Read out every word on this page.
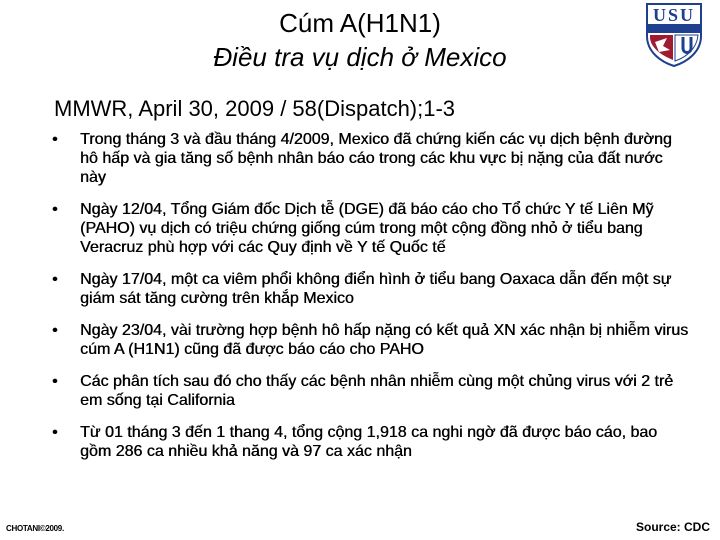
Cúm A(H1N1)
Điều tra vụ dịch ở Mexico
USU
MMWR, April 30, 2009 / 58(Dispatch);1-3
• Trong tháng 3 và đầu tháng 4/2009, Mexico đã chứng kiến các vụ dịch bệnh đường hô hấp và gia tăng số bệnh nhân báo cáo trong các khu vực bị nặng của đất nước này
• Ngày 12/04, Tổng Giám đốc Dịch tễ (DGE) đã báo cáo cho Tổ chức Y tế Liên Mỹ (PAHO) vụ dịch có triệu chứng giống cúm trong một cộng đồng nhỏ ở tiểu bang Veracruz phù hợp với các Quy định về Y tế Quốc tế
• Ngày 17/04, một ca viêm phổi không điển hình ở tiểu bang Oaxaca dẫn đến một sự giám sát tăng cường trên khắp Mexico
• Ngày 23/04, vài trường hợp bệnh hô hấp nặng có kết quả XN xác nhận bị nhiễm virus cúm A (H1N1) cũng đã được báo cáo cho PAHO
• Các phân tích sau đó cho thấy các bệnh nhân nhiễm cùng một chủng virus với 2 trẻ em sống tại California
• Từ 01 tháng 3 đến 1 thang 4, tổng cộng 1,918 ca nghi ngờ đã được báo cáo, bao gồm 286 ca nhiều khả năng và 97 ca xác nhận
CHOTANI©2009.	Source: CDC
